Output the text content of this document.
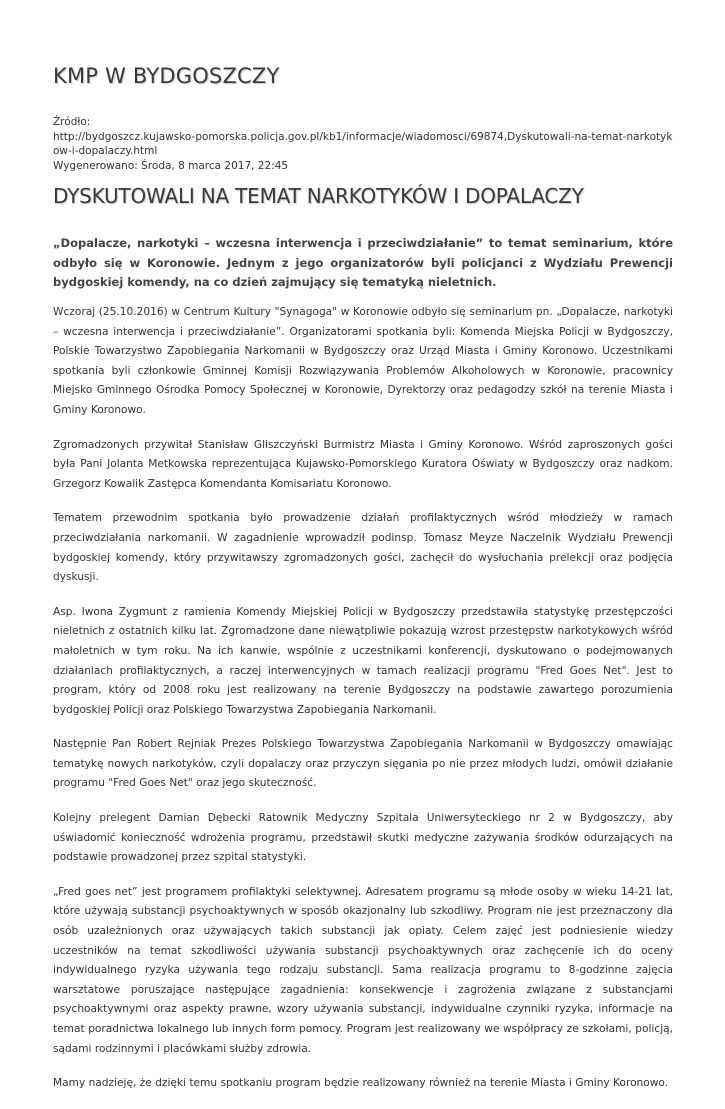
KMP W BYDGOSZCZY
Źródło:
http://bydgoszcz.kujawsko-pomorska.policja.gov.pl/kb1/informacje/wiadomosci/69874,Dyskutowali-na-temat-narkotykow-i-dopalaczy.html
Wygenerowano: Środa, 8 marca 2017, 22:45
DYSKUTOWALI NA TEMAT NARKOTYKÓW I DOPALACZY

„Dopalacze, narkotyki – wczesna interwencja i przeciwdziałanie” to temat seminarium, które odbyło się w Koronowie. Jednym z jego organizatorów byli policjanci z Wydziału Prewencji bydgoskiej komendy, na co dzień zajmujący się tematyką nieletnich.

Wczoraj (25.10.2016) w Centrum Kultury "Synagoga" w Koronowie odbyło się seminarium pn. „Dopalacze, narkotyki – wczesna interwencja i przeciwdziałanie”. Organizatorami spotkania byli: Komenda Miejska Policji w Bydgoszczy, Polskie Towarzystwo Zapobiegania Narkomanii w Bydgoszczy oraz Urząd Miasta i Gminy Koronowo. Uczestnikami spotkania byli członkowie Gminnej Komisji Rozwiązywania Problemów Alkoholowych w Koronowie, pracownicy Miejsko Gminnego Ośrodka Pomocy Społecznej w Koronowie, Dyrektorzy oraz pedagodzy szkół na terenie Miasta i Gminy Koronowo.

Zgromadzonych przywitał Stanisław Gliszczyński Burmistrz Miasta i Gminy Koronowo. Wśród zaproszonych gości była Pani Jolanta Metkowska reprezentująca Kujawsko-Pomorskiego Kuratora Oświaty w Bydgoszczy oraz nadkom. Grzegorz Kowalik Zastępca Komendanta Komisariatu Koronowo.

Tematem przewodnim spotkania było prowadzenie działań profilaktycznych wśród młodzieży w ramach przeciwdziałania narkomanii. W zagadnienie wprowadził podinsp. Tomasz Meyze Naczelnik Wydziału Prewencji bydgoskiej komendy, który przywitawszy zgromadzonych gości, zachęcił do wysłuchania prelekcji oraz podjęcia dyskusji.

Asp. Iwona Zygmunt z ramienia Komendy Miejskiej Policji w Bydgoszczy przedstawiła statystykę przestępczości nieletnich z ostatnich kilku lat. Zgromadzone dane niewątpliwie pokazują wzrost przestępstw narkotykowych wśród małoletnich w tym roku. Na ich kanwie, wspólnie z uczestnikami konferencji, dyskutowano o podejmowanych działaniach profilaktycznych, a raczej interwencyjnych w tamach realizacji programu "Fred Goes Net". Jest to program, który od 2008 roku jest realizowany na terenie Bydgoszczy na podstawie zawartego porozumienia bydgoskiej Policji oraz Polskiego Towarzystwa Zapobiegania Narkomanii.

Następnie Pan Robert Rejniak Prezes Polskiego Towarzystwa Zapobiegania Narkomanii w Bydgoszczy omawiając tematykę nowych narkotyków, czyli dopalaczy oraz przyczyn sięgania po nie przez młodych ludzi, omówił działanie programu "Fred Goes Net" oraz jego skuteczność.

Kolejny prelegent Damian Dębecki Ratownik Medyczny Szpitala Uniwersyteckiego nr 2 w Bydgoszczy, aby uświadomić konieczność wdrożenia programu, przedstawił skutki medyczne zażywania środków odurzających na podstawie prowadzonej przez szpital statystyki.

„Fred goes net” jest programem profilaktyki selektywnej. Adresatem programu są młode osoby w wieku 14-21 lat, które używają substancji psychoaktywnych w sposób okazjonalny lub szkodliwy. Program nie jest przeznaczony dla osób uzależnionych oraz używających takich substancji jak opiaty. Celem zajęć jest podniesienie wiedzy uczestników na temat szkodliwości używania substancji psychoaktywnych oraz zachęcenie ich do oceny indywidualnego ryzyka używania tego rodzaju substancji. Sama realizacja programu to 8-godzinne zajęcia warsztatowe poruszające następujące zagadnienia: konsekwencje i zagrożenia związane z substancjami psychoaktywnymi oraz aspekty prawne, wzory używania substancji, indywidualne czynniki ryzyka, informacje na temat poradnictwa lokalnego lub innych form pomocy. Program jest realizowany we współpracy ze szkołami, policją, sądami rodzinnymi i placówkami służby zdrowia.

Mamy nadzieję, że dzięki temu spotkaniu program będzie realizowany również na terenie Miasta i Gminy Koronowo.
